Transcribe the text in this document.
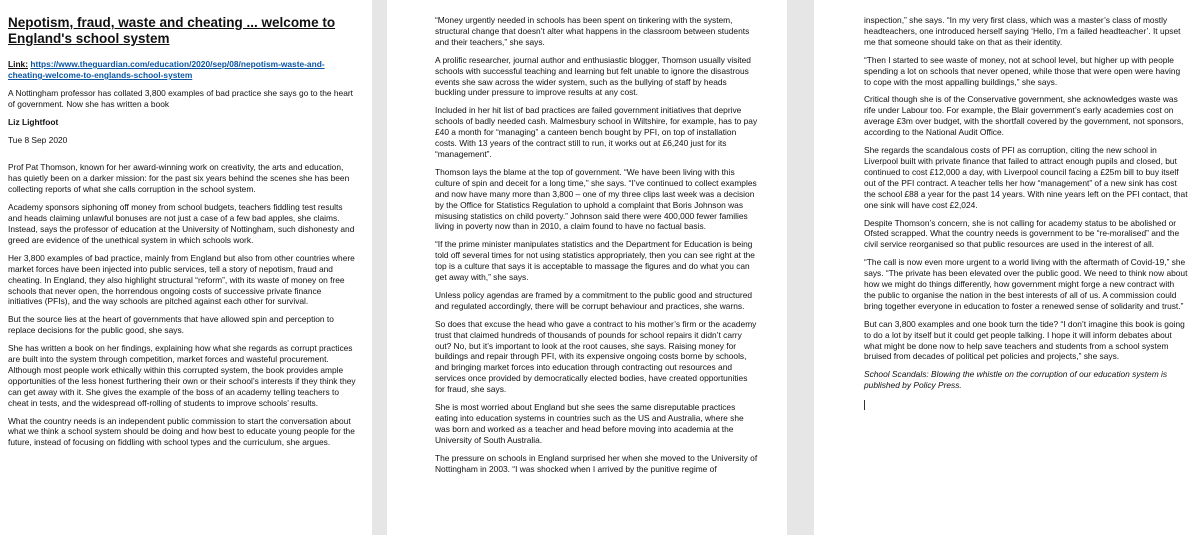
Nepotism, fraud, waste and cheating ... welcome to England's school system
Link: https://www.theguardian.com/education/2020/sep/08/nepotism-waste-and-cheating-welcome-to-englands-school-system
A Nottingham professor has collated 3,800 examples of bad practice she says go to the heart of government. Now she has written a book
Liz Lightfoot
Tue 8 Sep 2020
Prof Pat Thomson, known for her award-winning work on creativity, the arts and education, has quietly been on a darker mission: for the past six years behind the scenes she has been collecting reports of what she calls corruption in the school system.
Academy sponsors siphoning off money from school budgets, teachers fiddling test results and heads claiming unlawful bonuses are not just a case of a few bad apples, she claims. Instead, says the professor of education at the University of Nottingham, such dishonesty and greed are evidence of the unethical system in which schools work.
Her 3,800 examples of bad practice, mainly from England but also from other countries where market forces have been injected into public services, tell a story of nepotism, fraud and cheating. In England, they also highlight structural “reform”, with its waste of money on free schools that never open, the horrendous ongoing costs of successive private finance initiatives (PFIs), and the way schools are pitched against each other for survival.
But the source lies at the heart of governments that have allowed spin and perception to replace decisions for the public good, she says.
She has written a book on her findings, explaining how what she regards as corrupt practices are built into the system through competition, market forces and wasteful procurement. Although most people work ethically within this corrupted system, the book provides ample opportunities of the less honest furthering their own or their school’s interests if they think they can get away with it. She gives the example of the boss of an academy telling teachers to cheat in tests, and the widespread off-rolling of students to improve schools’ results.
What the country needs is an independent public commission to start the conversation about what we think a school system should be doing and how best to educate young people for the future, instead of focusing on fiddling with school types and the curriculum, she argues.
“Money urgently needed in schools has been spent on tinkering with the system, structural change that doesn’t alter what happens in the classroom between students and their teachers,” she says.
A prolific researcher, journal author and enthusiastic blogger, Thomson usually visited schools with successful teaching and learning but felt unable to ignore the disastrous events she saw across the wider system, such as the bullying of staff by heads buckling under pressure to improve results at any cost.
Included in her hit list of bad practices are failed government initiatives that deprive schools of badly needed cash. Malmesbury school in Wiltshire, for example, has to pay £40 a month for “managing” a canteen bench bought by PFI, on top of installation costs. With 13 years of the contract still to run, it works out at £6,240 just for its “management”.
Thomson lays the blame at the top of government. “We have been living with this culture of spin and deceit for a long time,” she says. “I’ve continued to collect examples and now have many more than 3,800 – one of my three clips last week was a decision by the Office for Statistics Regulation to uphold a complaint that Boris Johnson was misusing statistics on child poverty.” Johnson said there were 400,000 fewer families living in poverty now than in 2010, a claim found to have no factual basis.
“If the prime minister manipulates statistics and the Department for Education is being told off several times for not using statistics appropriately, then you can see right at the top is a culture that says it is acceptable to massage the figures and do what you can get away with,” she says.
Unless policy agendas are framed by a commitment to the public good and structured and regulated accordingly, there will be corrupt behaviour and practices, she warns.
So does that excuse the head who gave a contract to his mother’s firm or the academy trust that claimed hundreds of thousands of pounds for school repairs it didn’t carry out? No, but it’s important to look at the root causes, she says. Raising money for buildings and repair through PFI, with its expensive ongoing costs borne by schools, and bringing market forces into education through contracting out resources and services once provided by democratically elected bodies, have created opportunities for fraud, she says.
She is most worried about England but she sees the same disreputable practices eating into education systems in countries such as the US and Australia, where she was born and worked as a teacher and head before moving into academia at the University of South Australia.
The pressure on schools in England surprised her when she moved to the University of Nottingham in 2003. “I was shocked when I arrived by the punitive regime of
inspection,” she says. “In my very first class, which was a master’s class of mostly headteachers, one introduced herself saying ‘Hello, I’m a failed headteacher’. It upset me that someone should take on that as their identity.
“Then I started to see waste of money, not at school level, but higher up with people spending a lot on schools that never opened, while those that were open were having to cope with the most appalling buildings,” she says.
Critical though she is of the Conservative government, she acknowledges waste was rife under Labour too. For example, the Blair government’s early academies cost on average £3m over budget, with the shortfall covered by the government, not sponsors, according to the National Audit Office.
She regards the scandalous costs of PFI as corruption, citing the new school in Liverpool built with private finance that failed to attract enough pupils and closed, but continued to cost £12,000 a day, with Liverpool council facing a £25m bill to buy itself out of the PFI contract. A teacher tells her how “management” of a new sink has cost the school £88 a year for the past 14 years. With nine years left on the PFI contact, that one sink will have cost £2,024.
Despite Thomson’s concern, she is not calling for academy status to be abolished or Ofsted scrapped. What the country needs is government to be “re-moralised” and the civil service reorganised so that public resources are used in the interest of all.
“The call is now even more urgent to a world living with the aftermath of Covid-19,” she says. “The private has been elevated over the public good. We need to think now about how we might do things differently, how government might forge a new contract with the public to organise the nation in the best interests of all of us. A commission could bring together everyone in education to foster a renewed sense of solidarity and trust.”
But can 3,800 examples and one book turn the tide? “I don’t imagine this book is going to do a lot by itself but it could get people talking. I hope it will inform debates about what might be done now to help save teachers and students from a school system bruised from decades of political pet policies and projects,” she says.
School Scandals: Blowing the whistle on the corruption of our education system is published by Policy Press.
